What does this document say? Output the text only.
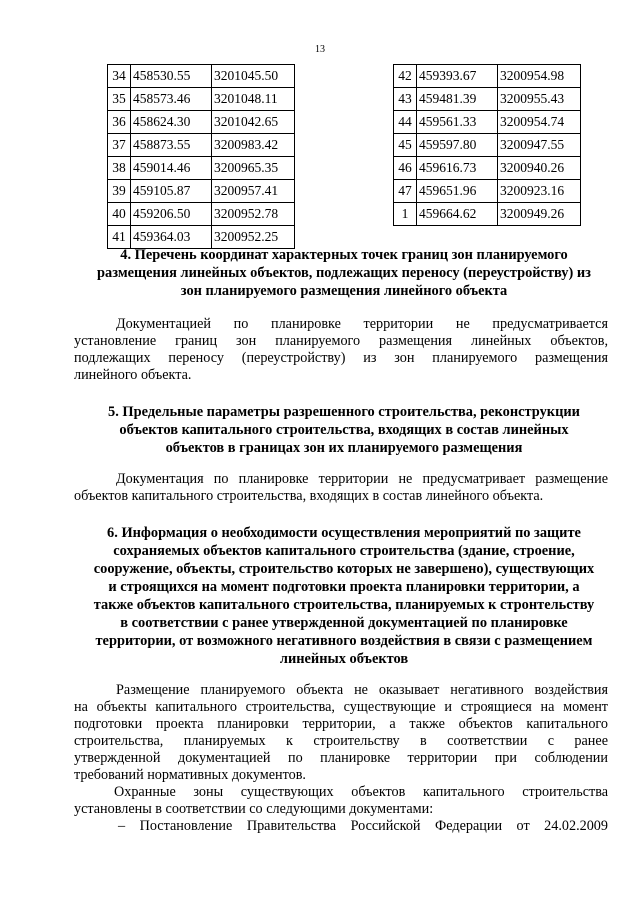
13
34	458530.55	3201045.50
35	458573.46	3201048.11
36	458624.30	3201042.65
37	458873.55	3200983.42
38	459014.46	3200965.35
39	459105.87	3200957.41
40	459206.50	3200952.78
41	459364.03	3200952.25
42	459393.67	3200954.98
43	459481.39	3200955.43
44	459561.33	3200954.74
45	459597.80	3200947.55
46	459616.73	3200940.26
47	459651.96	3200923.16
1	459664.62	3200949.26
4. Перечень координат характерных точек границ зон планируемого
размещения линейных объектов, подлежащих переносу (переустройству) из
зон планируемого размещения линейного объекта
Документацией по планировке территории не предусматривается
установление границ зон планируемого размещения линейных объектов,
подлежащих переносу (переустройству) из зон планируемого размещения
линейного объекта.
5. Предельные параметры разрешенного строительства, реконструкции
объектов капитального строительства, входящих в состав линейных
объектов в границах зон их планируемого размещения
Документация по планировке территории не предусматривает размещение
объектов капитального строительства, входящих в состав линейного объекта.
6. Информация о необходимости осуществления мероприятий по защите
сохраняемых объектов капитального строительства (здание, строение,
сооружение, объекты, строительство которых не завершено), существующих
и строящихся на момент подготовки проекта планировки территории, а
также объектов капитального строительства, планируемых к стронтельству
в соответствии с ранее утвержденной документацией по планировке
территории, от возможного негативного воздействия в связи с размещением
линейных объектов
Размещение планируемого объекта не оказывает негативного воздействия
на объекты капитального строительства, существующие и строящиеся на момент
подготовки проекта планировки территории, а также объектов капитального
строительства, планируемых к строительству в соответствии с ранее
утвержденной документацией по планировке территории при соблюдении
требований нормативных документов.
Охранные зоны существующих объектов капитального строительства
установлены в соответствии со следующими документами:
– Постановление Правительства Российской Федерации от 24.02.2009
